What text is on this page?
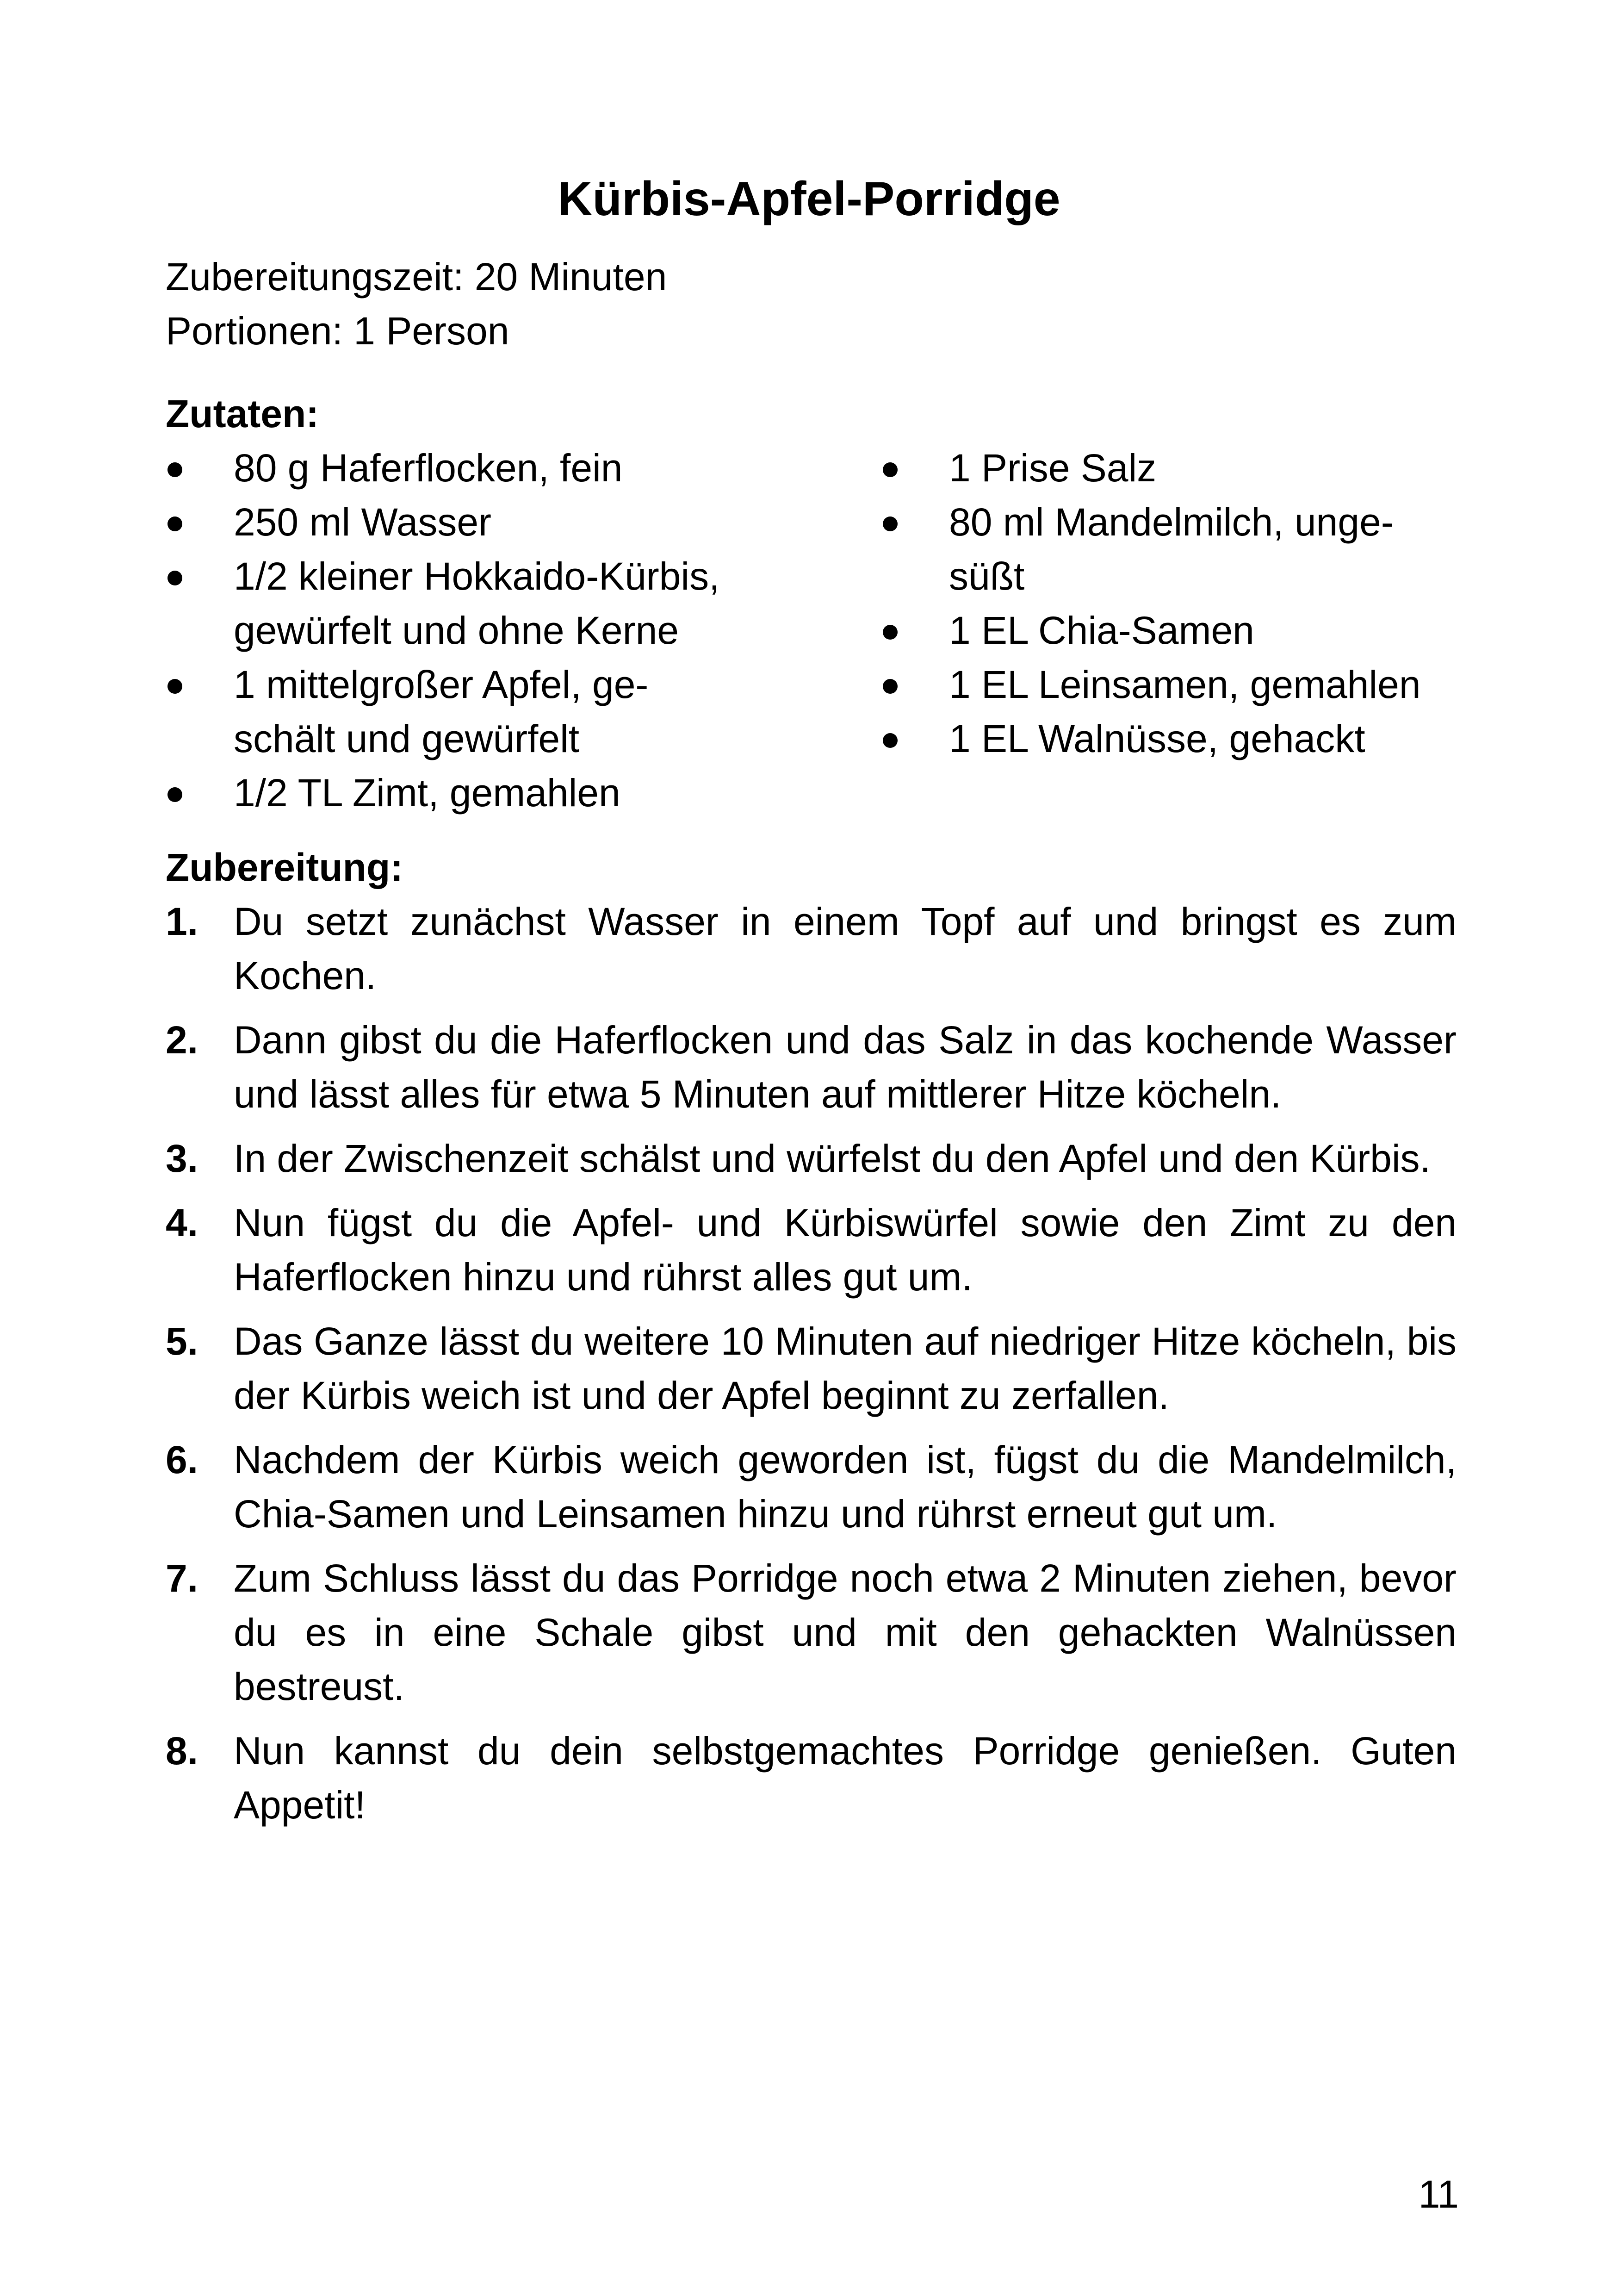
Kürbis-Apfel-Porridge
Zubereitungszeit: 20 Minuten
Portionen: 1 Person
Zutaten:
80 g Haferflocken, fein
250 ml Wasser
1/2 kleiner Hokkaido-Kürbis,
gewürfelt und ohne Kerne
1 mittelgroßer Apfel, ge-
schält und gewürfelt
1/2 TL Zimt, gemahlen
1 Prise Salz
80 ml Mandelmilch, unge-
süßt
1 EL Chia-Samen
1 EL Leinsamen, gemahlen
1 EL Walnüsse, gehackt
Zubereitung:
1. Du setzt zunächst Wasser in einem Topf auf und bringst es zum Kochen.
2. Dann gibst du die Haferflocken und das Salz in das kochende Wasser und lässt alles für etwa 5 Minuten auf mittlerer Hitze köcheln.
3. In der Zwischenzeit schälst und würfelst du den Apfel und den Kürbis.
4. Nun fügst du die Apfel- und Kürbiswürfel sowie den Zimt zu den Haferflocken hinzu und rührst alles gut um.
5. Das Ganze lässt du weitere 10 Minuten auf niedriger Hitze köcheln, bis der Kürbis weich ist und der Apfel beginnt zu zerfallen.
6. Nachdem der Kürbis weich geworden ist, fügst du die Mandelmilch, Chia-Samen und Leinsamen hinzu und rührst erneut gut um.
7. Zum Schluss lässt du das Porridge noch etwa 2 Minuten ziehen, bevor du es in eine Schale gibst und mit den gehackten Walnüssen bestreust.
8. Nun kannst du dein selbstgemachtes Porridge genießen. Guten Appetit!
11
